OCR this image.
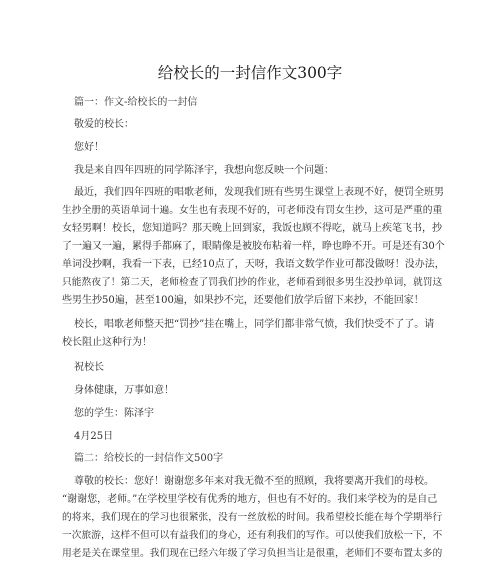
给校长的一封信作文300字
篇一：作文-给校长的一封信
敬爱的校长：
您好！
我是来自四年四班的同学陈泽宇，我想向您反映一个问题：
最近，我们四年四班的唱歌老师，发现我们班有些男生课堂上表现不好，便罚全班男
生抄全册的英语单词十遍。女生也有表现不好的，可老师没有罚女生抄，这可是严重的重
女轻男啊！校长，您知道吗？那天晚上回到家，我饭也顾不得吃，就马上疾笔飞书，抄
了一遍又一遍，累得手都麻了，眼睛像是被胶布粘着一样，睁也睁不开。可是还有30个
单词没抄啊，我看一下表，已经10点了，天呀，我语文数学作业可都没做呀！没办法，
只能熬夜了！第二天，老师检查了罚我们抄的作业，老师看到很多男生没抄单词，就罚这
些男生抄50遍，甚至100遍，如果抄不完，还要他们放学后留下来抄，不能回家！
校长，唱歌老师整天把“罚抄”挂在嘴上，同学们都非常气愤，我们快受不了了。请
校长阻止这种行为！
祝校长
身体健康，万事如意！
您的学生：陈泽宇
4月25日
篇二：给校长的一封信作文500字
尊敬的校长：您好！谢谢您多年来对我无微不至的照顾，我将要离开我们的母校。
“谢谢您，老师。”在学校里学校有优秀的地方，但也有不好的。我们来学校为的是自己
的将来，我们现在的学习也很紧张，没有一丝放松的时间。我希望校长能在每个学期举行
一次旅游，这样不但可以有益我们的身心，还有利我们的写作。可以使我们放松一下，不
用老是关在课堂里。我们现在已经六年级了学习负担当让是很重，老师们不要布置太多的
